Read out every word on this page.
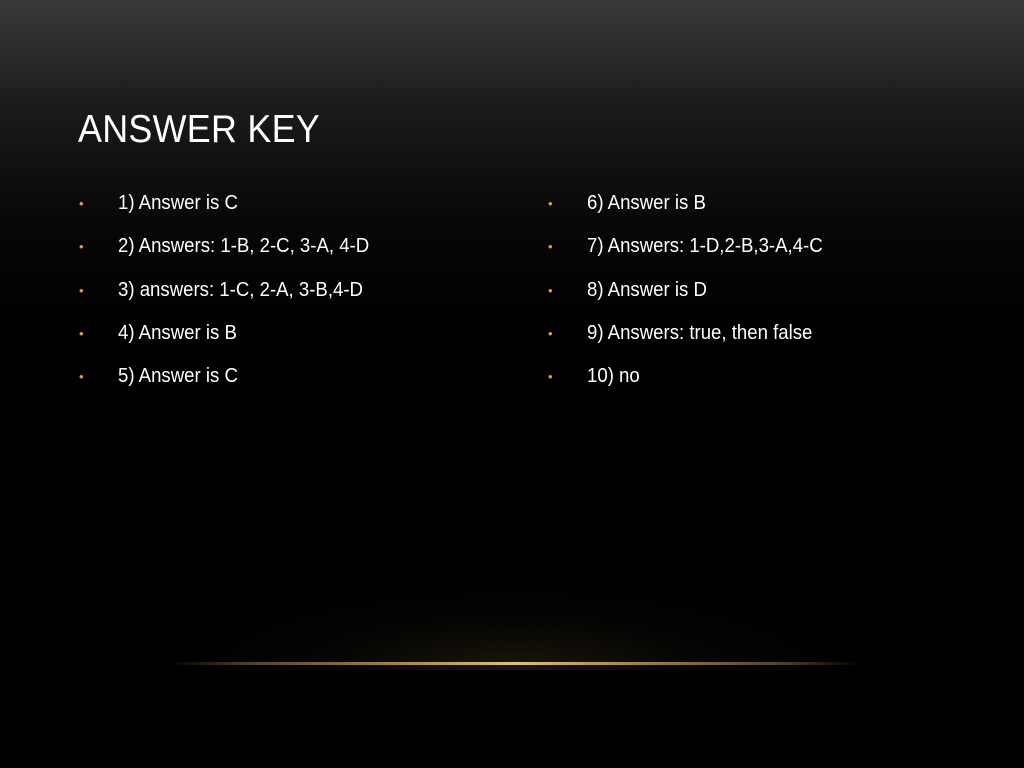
ANSWER KEY
•	1) Answer is C
•	2) Answers: 1-B, 2-C, 3-A, 4-D
•	3) answers: 1-C, 2-A, 3-B,4-D
•	4) Answer is B
•	5) Answer is C
•	6) Answer is B
•	7) Answers: 1-D,2-B,3-A,4-C
•	8) Answer is D
•	9) Answers: true, then false
•	10) no
